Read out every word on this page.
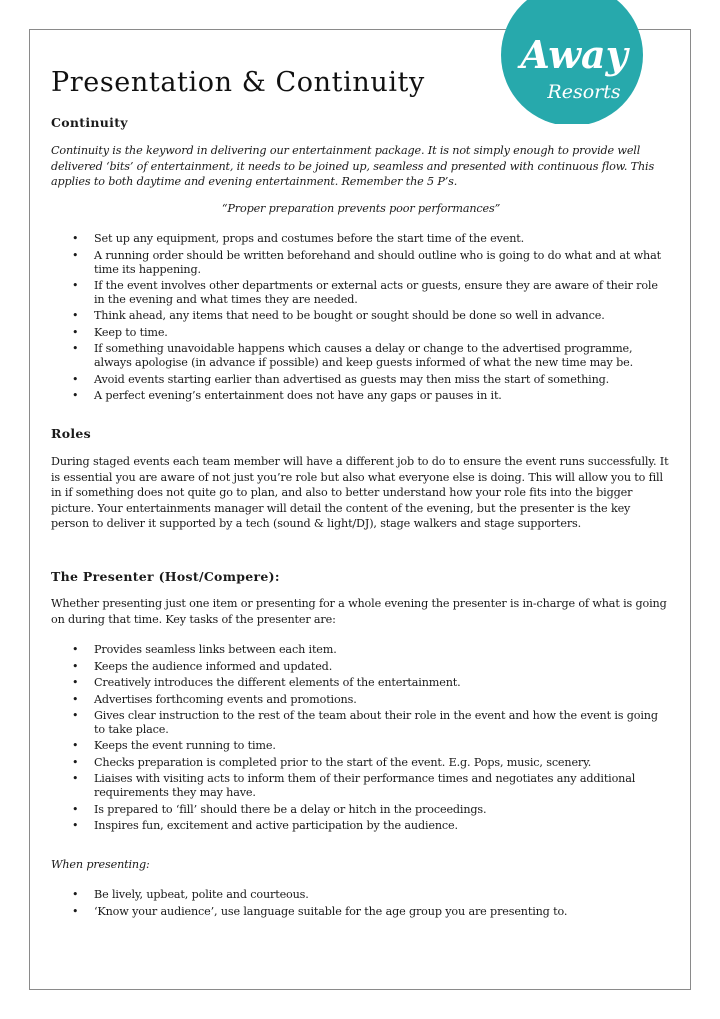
Away
Resorts
Presentation & Continuity
Continuity

Continuity is the keyword in delivering our entertainment package. It is not simply enough to provide well delivered ‘bits’ of entertainment, it needs to be joined up, seamless and presented with continuous flow. This applies to both daytime and evening entertainment. Remember the 5 P’s.

“Proper preparation prevents poor performances”

• Set up any equipment, props and costumes before the start time of the event.
• A running order should be written beforehand and should outline who is going to do what and at what time its happening.
• If the event involves other departments or external acts or guests, ensure they are aware of their role in the evening and what times they are needed.
• Think ahead, any items that need to be bought or sought should be done so well in advance.
• Keep to time.
• If something unavoidable happens which causes a delay or change to the advertised programme, always apologise (in advance if possible) and keep guests informed of what the new time may be.
• Avoid events starting earlier than advertised as guests may then miss the start of something.
• A perfect evening’s entertainment does not have any gaps or pauses in it.
Roles

During staged events each team member will have a different job to do to ensure the event runs successfully. It is essential you are aware of not just you’re role but also what everyone else is doing. This will allow you to fill in if something does not quite go to plan, and also to better understand how your role fits into the bigger picture. Your entertainments manager will detail the content of the evening, but the presenter is the key person to deliver it supported by a tech (sound & light/DJ), stage walkers and stage supporters.

The Presenter (Host/Compere):

Whether presenting just one item or presenting for a whole evening the presenter is in-charge of what is going on during that time. Key tasks of the presenter are:

• Provides seamless links between each item.
• Keeps the audience informed and updated.
• Creatively introduces the different elements of the entertainment.
• Advertises forthcoming events and promotions.
• Gives clear instruction to the rest of the team about their role in the event and how the event is going to take place.
• Keeps the event running to time.
• Checks preparation is completed prior to the start of the event. E.g. Pops, music, scenery.
• Liaises with visiting acts to inform them of their performance times and negotiates any additional requirements they may have.
• Is prepared to ‘fill’ should there be a delay or hitch in the proceedings.
• Inspires fun, excitement and active participation by the audience.

When presenting:

• Be lively, upbeat, polite and courteous.
• ‘Know your audience’, use language suitable for the age group you are presenting to.
